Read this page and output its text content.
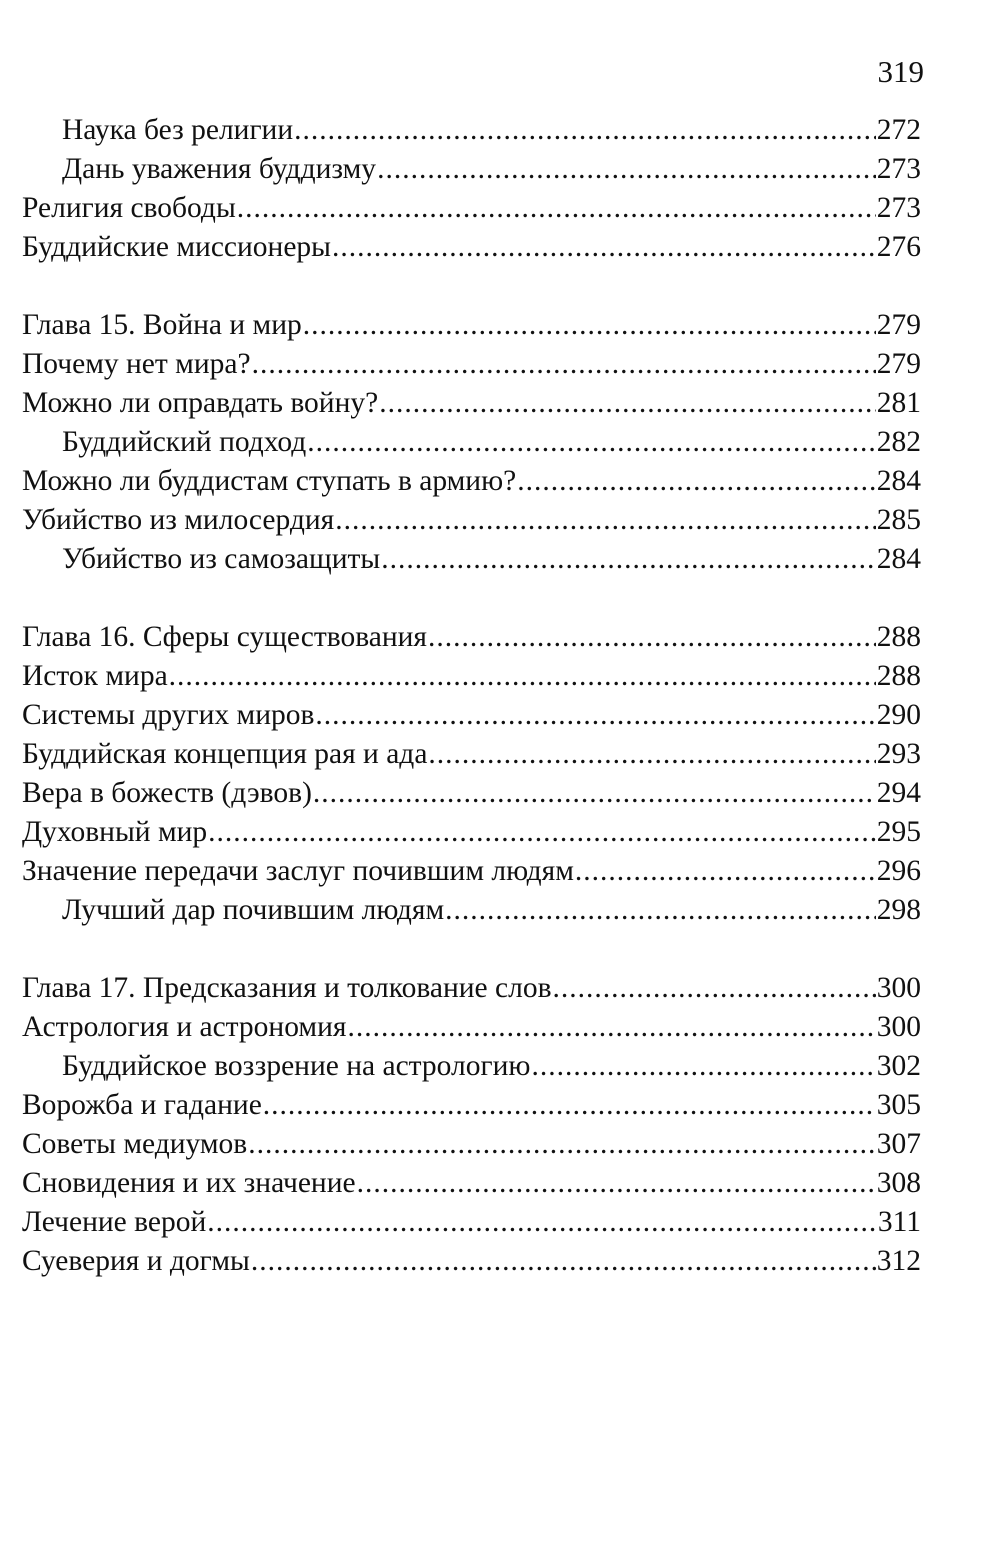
319
Наука без религии .....	272
Дань уважения буддизму .....	273
Религия свободы .....	273
Буддийские миссионеры .....	276
Глава 15. Война и мир .....	279
Почему нет мира? .....	279
Можно ли оправдать войну? .....	281
Буддийский подход .....	282
Можно ли буддистам ступать в армию? .....	284
Убийство из милосердия .....	285
Убийство из самозащиты .....	284
Глава 16. Сферы существования .....	288
Исток мира .....	288
Системы других миров .....	290
Буддийская концепция рая и ада .....	293
Вера в божеств (дэвов) .....	294
Духовный мир .....	295
Значение передачи заслуг почившим людям .....	296
Лучший дар почившим людям .....	298
Глава 17. Предсказания и толкование слов .....	300
Астрология и астрономия .....	300
Буддийское воззрение на астрологию .....	302
Ворожба и гадание .....	305
Советы медиумов .....	307
Сновидения и их значение .....	308
Лечение верой .....	311
Суеверия и догмы .....	312
